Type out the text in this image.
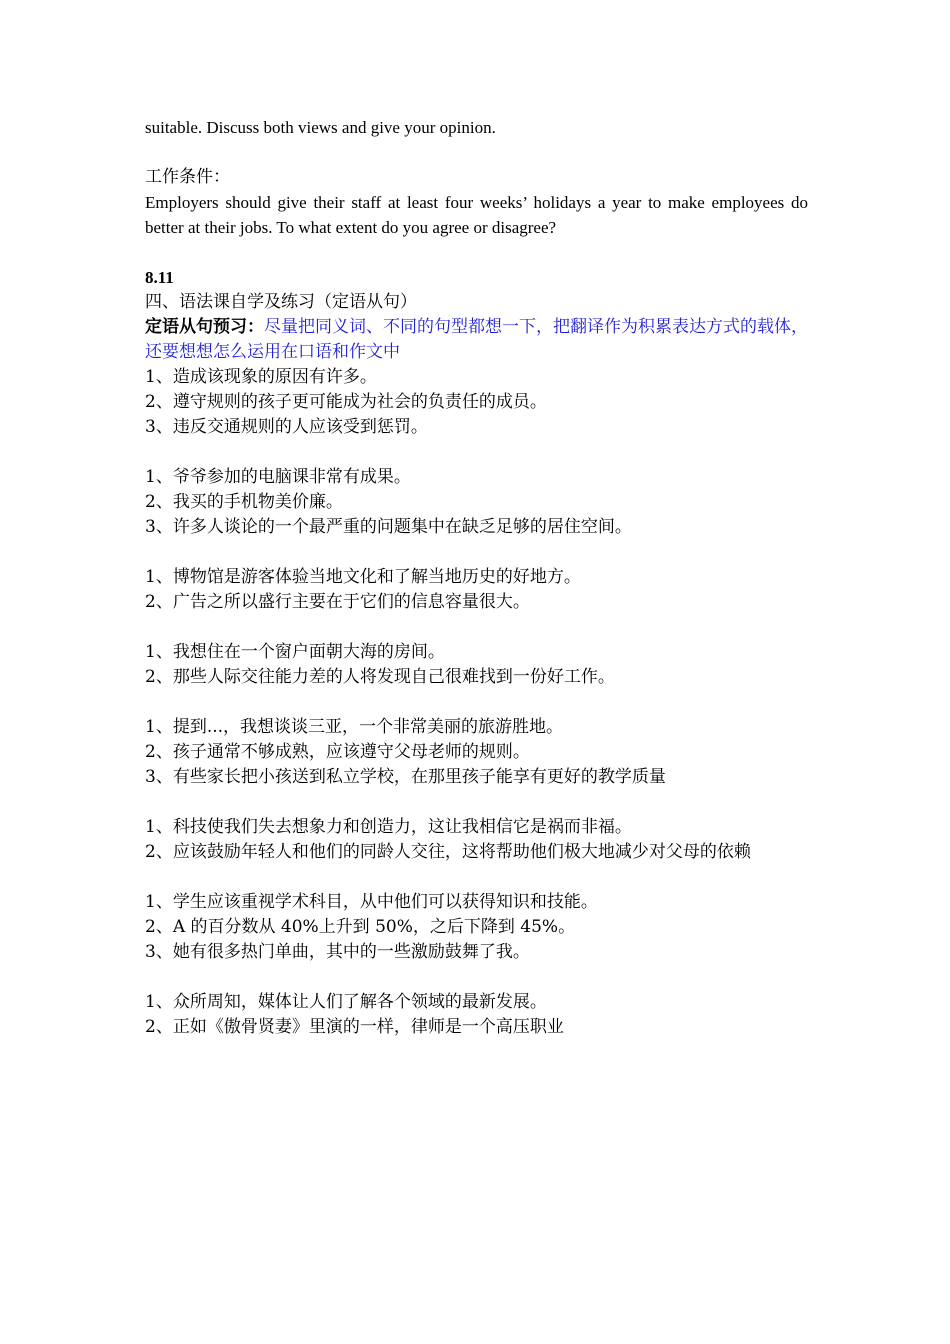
suitable. Discuss both views and give your opinion.

工作条件：

Employers should give their staff at least four weeks’ holidays a year to make employees do better at their jobs. To what extent do you agree or disagree?

8.11

四、语法课自学及练习（定语从句）

定语从句预习：尽量把同义词、不同的句型都想一下，把翻译作为积累表达方式的载体，还要想想怎么运用在口语和作文中

1、造成该现象的原因有许多。

2、遵守规则的孩子更可能成为社会的负责任的成员。

3、违反交通规则的人应该受到惩罚。

1、爷爷参加的电脑课非常有成果。

2、我买的手机物美价廉。

3、许多人谈论的一个最严重的问题集中在缺乏足够的居住空间。

1、博物馆是游客体验当地文化和了解当地历史的好地方。

2、广告之所以盛行主要在于它们的信息容量很大。

1、我想住在一个窗户面朝大海的房间。

2、那些人际交往能力差的人将发现自己很难找到一份好工作。

1、提到...，我想谈谈三亚，一个非常美丽的旅游胜地。

2、孩子通常不够成熟，应该遵守父母老师的规则。

3、有些家长把小孩送到私立学校，在那里孩子能享有更好的教学质量

1、科技使我们失去想象力和创造力，这让我相信它是祸而非福。

2、应该鼓励年轻人和他们的同龄人交往，这将帮助他们极大地减少对父母的依赖

1、学生应该重视学术科目，从中他们可以获得知识和技能。

2、A 的百分数从 40%上升到 50%，之后下降到 45%。

3、她有很多热门单曲，其中的一些激励鼓舞了我。

1、众所周知，媒体让人们了解各个领域的最新发展。

2、正如《傲骨贤妻》里演的一样，律师是一个高压职业
